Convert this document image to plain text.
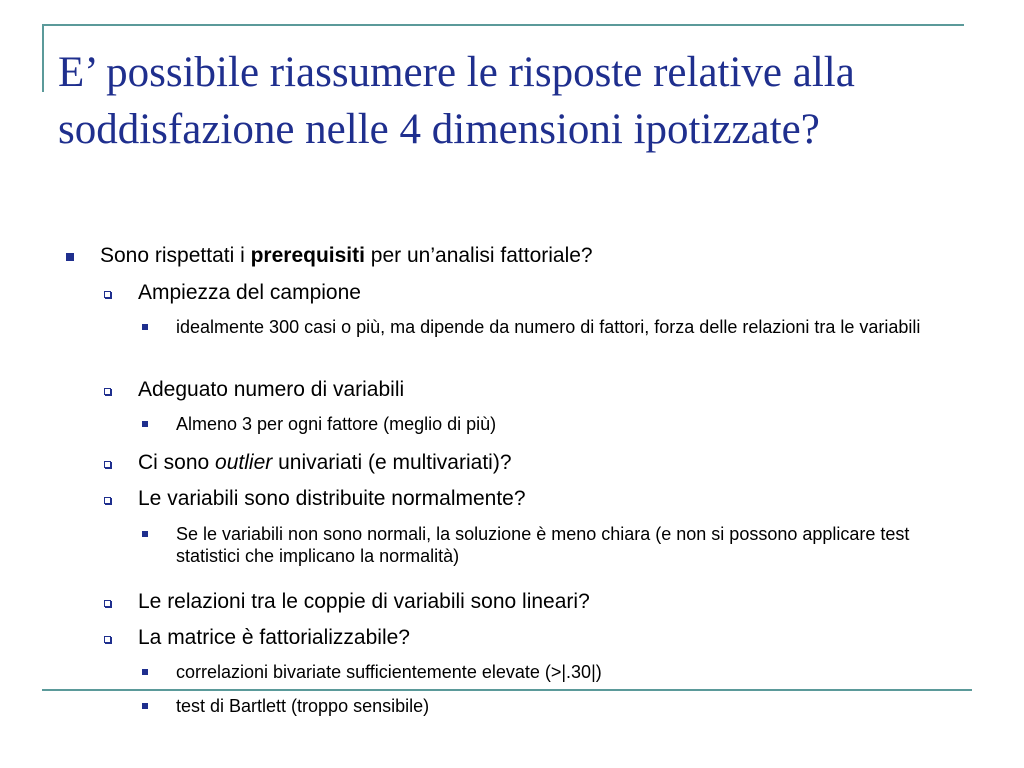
E’ possibile riassumere le risposte relative alla soddisfazione nelle 4 dimensioni ipotizzate?

Sono rispettati i prerequisiti per un’analisi fattoriale?

Ampiezza del campione

idealmente 300 casi o più, ma dipende da numero di fattori, forza delle relazioni tra le variabili

Adeguato numero di variabili

Almeno 3 per ogni fattore (meglio di più)

Ci sono outlier univariati (e multivariati)?

Le variabili sono distribuite normalmente?

Se le variabili non sono normali, la soluzione è meno chiara (e non si possono applicare test statistici che implicano la normalità)

Le relazioni tra le coppie di variabili sono lineari?

La matrice è fattorializzabile?

correlazioni bivariate sufficientemente elevate (>|.30|)

test di Bartlett (troppo sensibile)
